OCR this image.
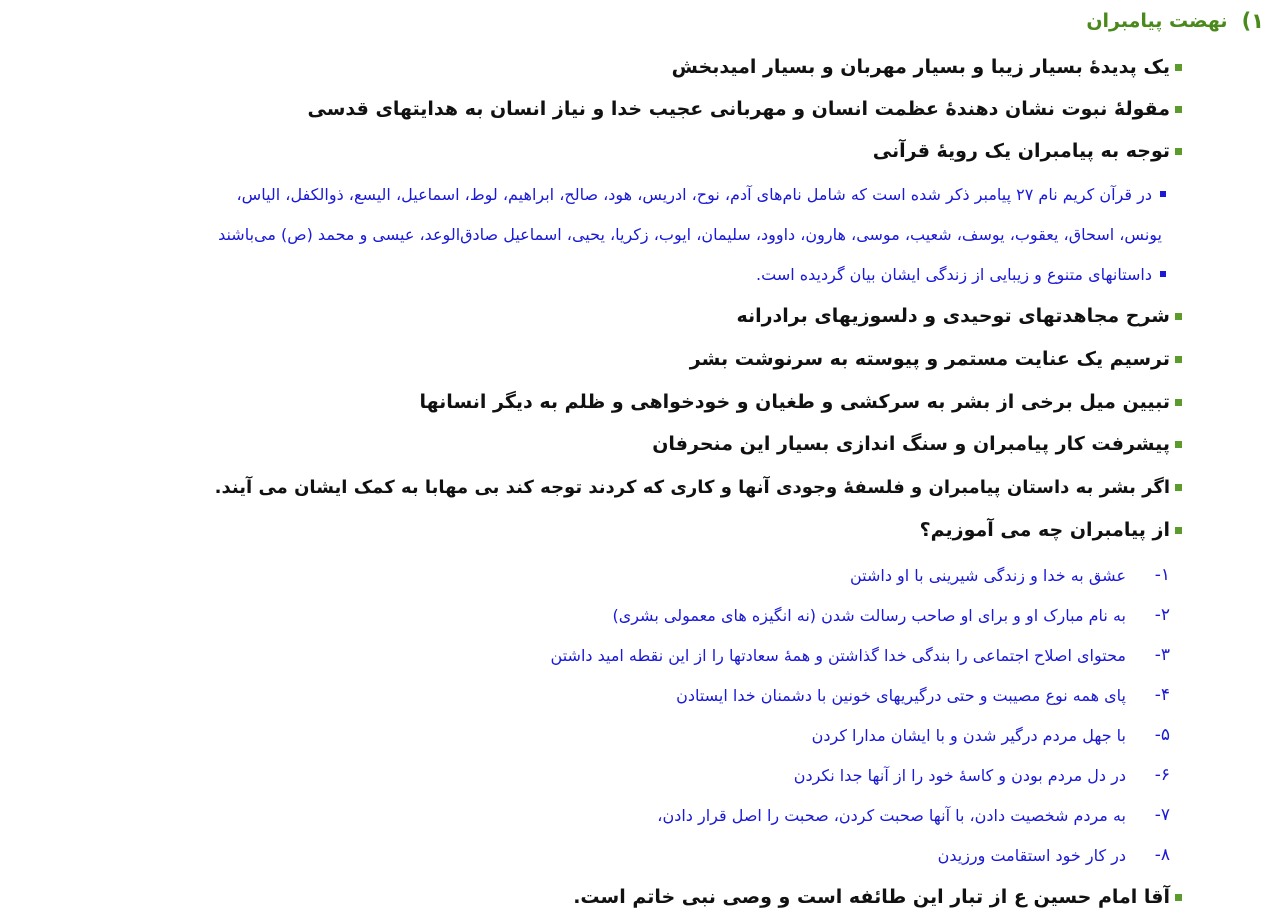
۱)
نهضت پیامبران
یک پدیدهٔ بسیار زیبا و بسیار مهربان و بسیار امیدبخش
مقولهٔ نبوت نشان دهندهٔ عظمت انسان و مهربانی عجیب خدا و نیاز انسان به هدایتهای قدسی
توجه به پیامبران یک رویهٔ قرآنی
در قرآن کریم نام ۲۷ پیامبر ذکر شده است که شامل نام‌های آدم، نوح، ادریس، هود، صالح، ابراهیم، لوط، اسماعیل، الیسع، ذوالکفل، الیاس،
یونس، اسحاق، یعقوب، یوسف، شعیب، موسی، هارون، داوود، سلیمان، ایوب، زکریا، یحیی، اسماعیل صادق‌الوعد، عیسی و محمد (ص) می‌باشند
داستانهای متنوع و زیبایی از زندگی ایشان بیان گردیده است.
شرح مجاهدتهای توحیدی و دلسوزیهای برادرانه
ترسیم یک عنایت مستمر و پیوسته به سرنوشت بشر
تبیین میل برخی از بشر به سرکشی و طغیان و خودخواهی و ظلم به دیگر انسانها
پیشرفت کار پیامبران و سنگ اندازی بسیار این منحرفان
اگر بشر به داستان پیامبران و فلسفهٔ وجودی آنها و کاری که کردند توجه کند بی مهابا به کمک ایشان می آیند.
از پیامبران چه می آموزیم؟
۱-
عشق به خدا و زندگی شیرینی با او داشتن
۲-
به نام مبارک او و برای او صاحب رسالت شدن (نه انگیزه های معمولی بشری)
۳-
محتوای اصلاح اجتماعی را بندگی خدا گذاشتن و همهٔ سعادتها را از این نقطه امید داشتن
۴-
پای همه نوع مصیبت و حتی درگیریهای خونین با دشمنان خدا ایستادن
۵-
با جهل مردم درگیر شدن و با ایشان مدارا کردن
۶-
در دل مردم بودن و کاسهٔ خود را از آنها جدا نکردن
۷-
به مردم شخصیت دادن، با آنها صحبت کردن، صحبت را اصل قرار دادن،
۸-
در کار خود استقامت ورزیدن
آقا امام حسین ع از تبار این طائفه است و وصی نبی خاتم است.
